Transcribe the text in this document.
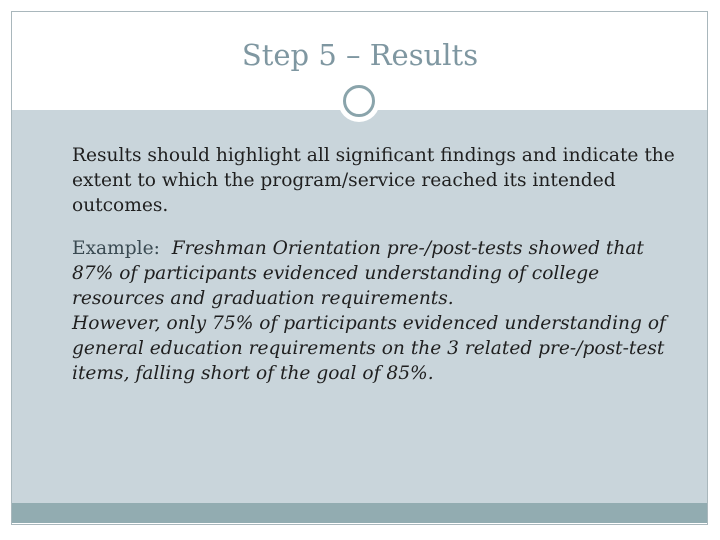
Step 5 – Results

Results should highlight all significant findings and indicate the extent to which the program/service reached its intended outcomes.

Example: Freshman Orientation pre-/post-tests showed that 87% of participants evidenced understanding of college resources and graduation requirements.

However, only 75% of participants evidenced understanding of general education requirements on the 3 related pre-/post-test items, falling short of the goal of 85%.
